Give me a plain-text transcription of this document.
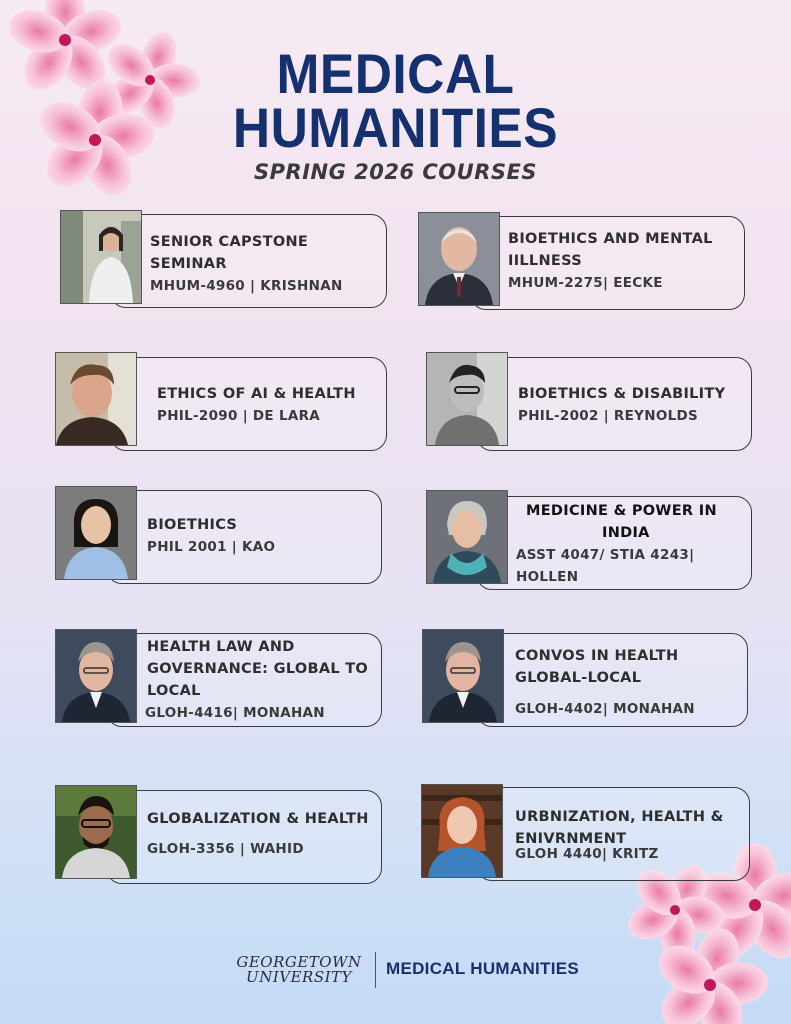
MEDICAL
HUMANITIES
SPRING 2026 COURSES
SENIOR CAPSTONE
SEMINAR
MHUM-4960 | KRISHNAN
BIOETHICS AND MENTAL
IILLNESS
MHUM-2275| EECKE
ETHICS OF AI & HEALTH
PHIL-2090 | DE LARA
BIOETHICS & DISABILITY
PHIL-2002 | REYNOLDS
BIOETHICS
PHIL 2001 | KAO
MEDICINE & POWER IN
INDIA
ASST 4047/ STIA 4243|
HOLLEN
HEALTH LAW AND
GOVERNANCE: GLOBAL TO
LOCAL
GLOH-4416| MONAHAN
CONVOS IN HEALTH
GLOBAL-LOCAL
GLOH-4402| MONAHAN
GLOBALIZATION & HEALTH
GLOH-3356 | WAHID
URBNIZATION, HEALTH &
ENIVRNMENT
GLOH 4440| KRITZ
GEORGETOWN
UNIVERSITY	MEDICAL HUMANITIES
